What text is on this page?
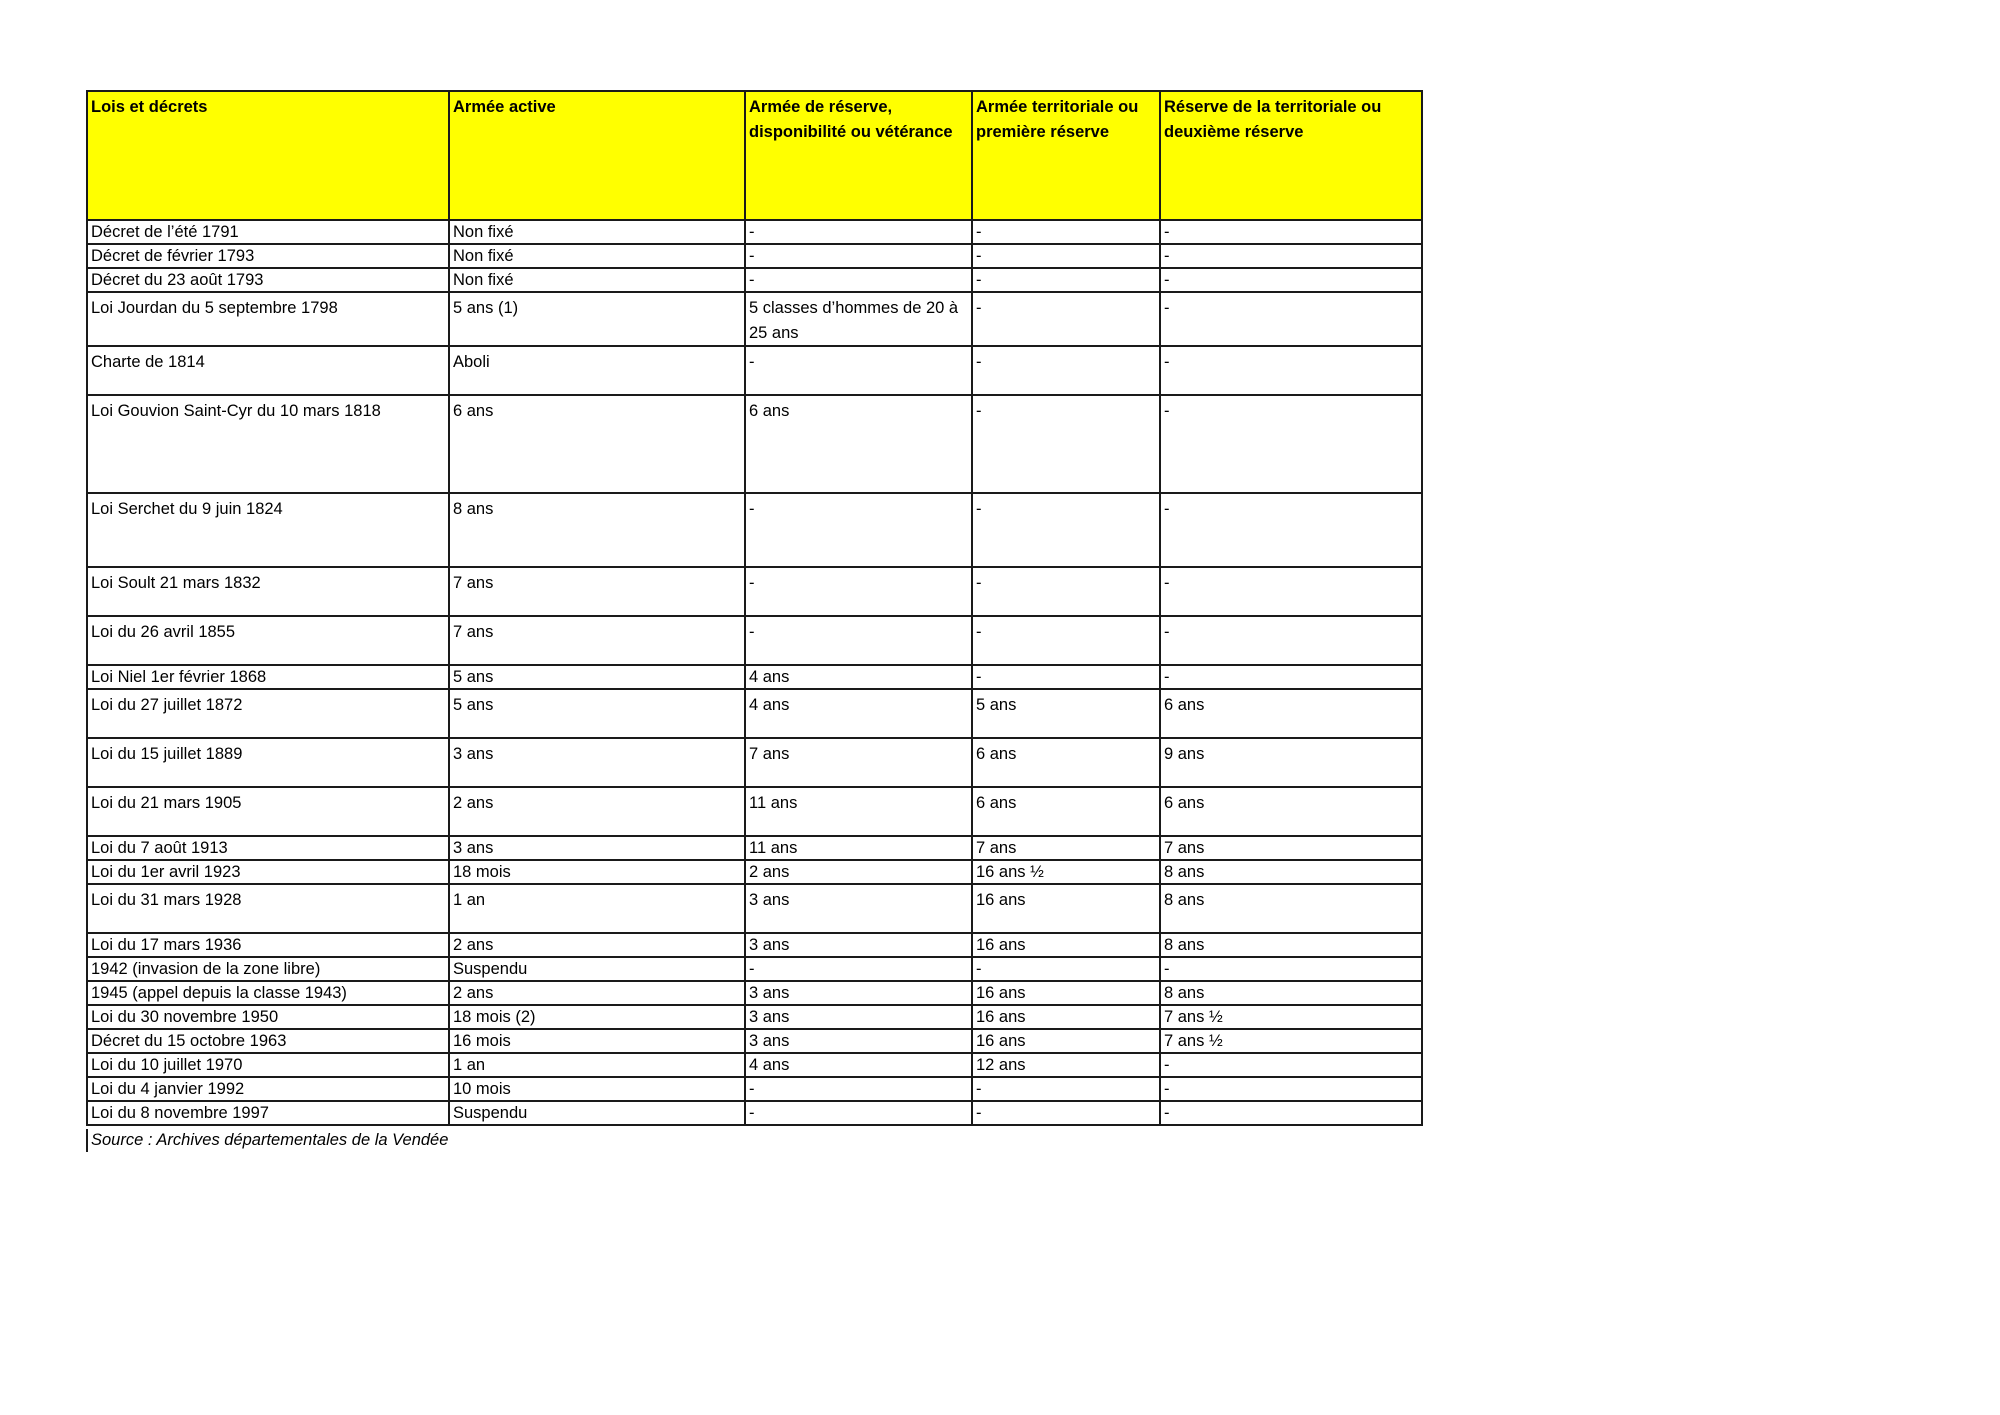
Lois et décrets	Armée active	Armée de réserve, disponibilité ou vétérance	Armée territoriale ou première réserve	Réserve de la territoriale ou deuxième réserve
Décret de l’été 1791	Non fixé	-	-	-
Décret de février 1793	Non fixé	-	-	-
Décret du 23 août 1793	Non fixé	-	-	-
Loi Jourdan du 5 septembre 1798	5 ans (1)	5 classes d’hommes de 20 à 25 ans	-	-
Charte de 1814	Aboli	-	-	-
Loi Gouvion Saint-Cyr du 10 mars 1818	6 ans	6 ans	-	-
Loi Serchet du 9 juin 1824	8 ans	-	-	-
Loi Soult 21 mars 1832	7 ans	-	-	-
Loi du 26 avril 1855	7 ans	-	-	-
Loi Niel 1er février 1868	5 ans	4 ans	-	-
Loi du 27 juillet 1872	5 ans	4 ans	5 ans	6 ans
Loi du 15 juillet 1889	3 ans	7 ans	6 ans	9 ans
Loi du 21 mars 1905	2 ans	11 ans	6 ans	6 ans
Loi du 7 août 1913	3 ans	11 ans	7 ans	7 ans
Loi du 1er avril 1923	18 mois	2 ans	16 ans ½	8 ans
Loi du 31 mars 1928	1 an	3 ans	16 ans	8 ans
Loi du 17 mars 1936	2 ans	3 ans	16 ans	8 ans
1942 (invasion de la zone libre)	Suspendu	-	-	-
1945 (appel depuis la classe 1943)	2 ans	3 ans	16 ans	8 ans
Loi du 30 novembre 1950	18 mois (2)	3 ans	16 ans	7 ans ½
Décret du 15 octobre 1963	16 mois	3 ans	16 ans	7 ans ½
Loi du 10 juillet 1970	1 an	4 ans	12 ans	-
Loi du 4 janvier 1992	10 mois	-	-	-
Loi du 8 novembre 1997	Suspendu	-	-	-
Source : Archives départementales de la Vendée
